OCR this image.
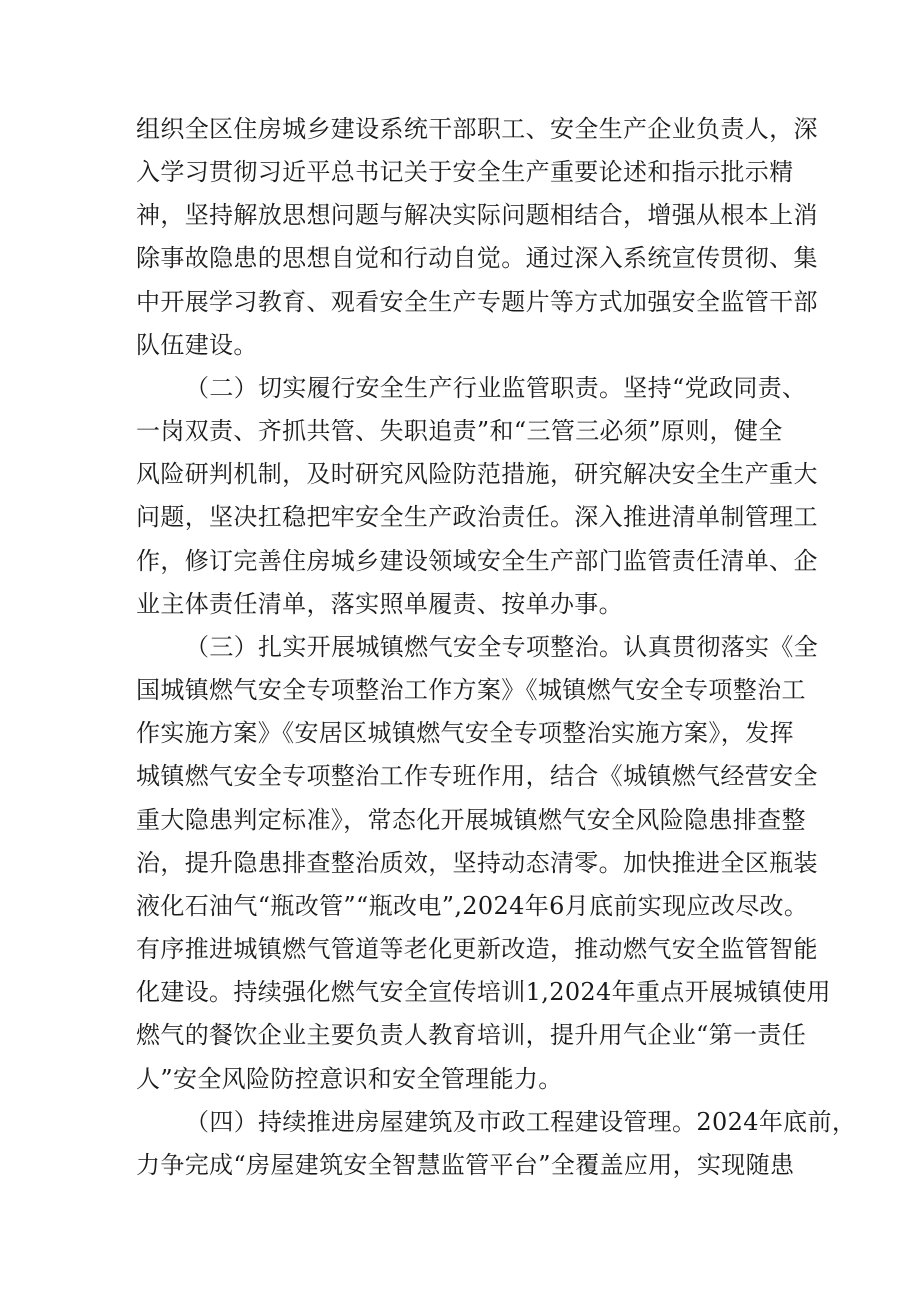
组织全区住房城乡建设系统干部职工、安全生产企业负责人，深
入学习贯彻习近平总书记关于安全生产重要论述和指示批示精
神，坚持解放思想问题与解决实际问题相结合，增强从根本上消
除事故隐患的思想自觉和行动自觉。通过深入系统宣传贯彻、集
中开展学习教育、观看安全生产专题片等方式加强安全监管干部
队伍建设。
（二）切实履行安全生产行业监管职责。坚持“党政同责、
一岗双责、齐抓共管、失职追责”和“三管三必须”原则，健全
风险研判机制，及时研究风险防范措施，研究解决安全生产重大
问题，坚决扛稳把牢安全生产政治责任。深入推进清单制管理工
作，修订完善住房城乡建设领域安全生产部门监管责任清单、企
业主体责任清单，落实照单履责、按单办事。
（三）扎实开展城镇燃气安全专项整治。认真贯彻落实《全
国城镇燃气安全专项整治工作方案》《城镇燃气安全专项整治工
作实施方案》《安居区城镇燃气安全专项整治实施方案》，发挥
城镇燃气安全专项整治工作专班作用，结合《城镇燃气经营安全
重大隐患判定标准》，常态化开展城镇燃气安全风险隐患排查整
治，提升隐患排查整治质效，坚持动态清零。加快推进全区瓶装
液化石油气“瓶改管”“瓶改电”,2024年6月底前实现应改尽改。
有序推进城镇燃气管道等老化更新改造，推动燃气安全监管智能
化建设。持续强化燃气安全宣传培训1,2024年重点开展城镇使用
燃气的餐饮企业主要负责人教育培训，提升用气企业“第一责任
人”安全风险防控意识和安全管理能力。
（四）持续推进房屋建筑及市政工程建设管理。2024年底前，
力争完成“房屋建筑安全智慧监管平台”全覆盖应用，实现随患
